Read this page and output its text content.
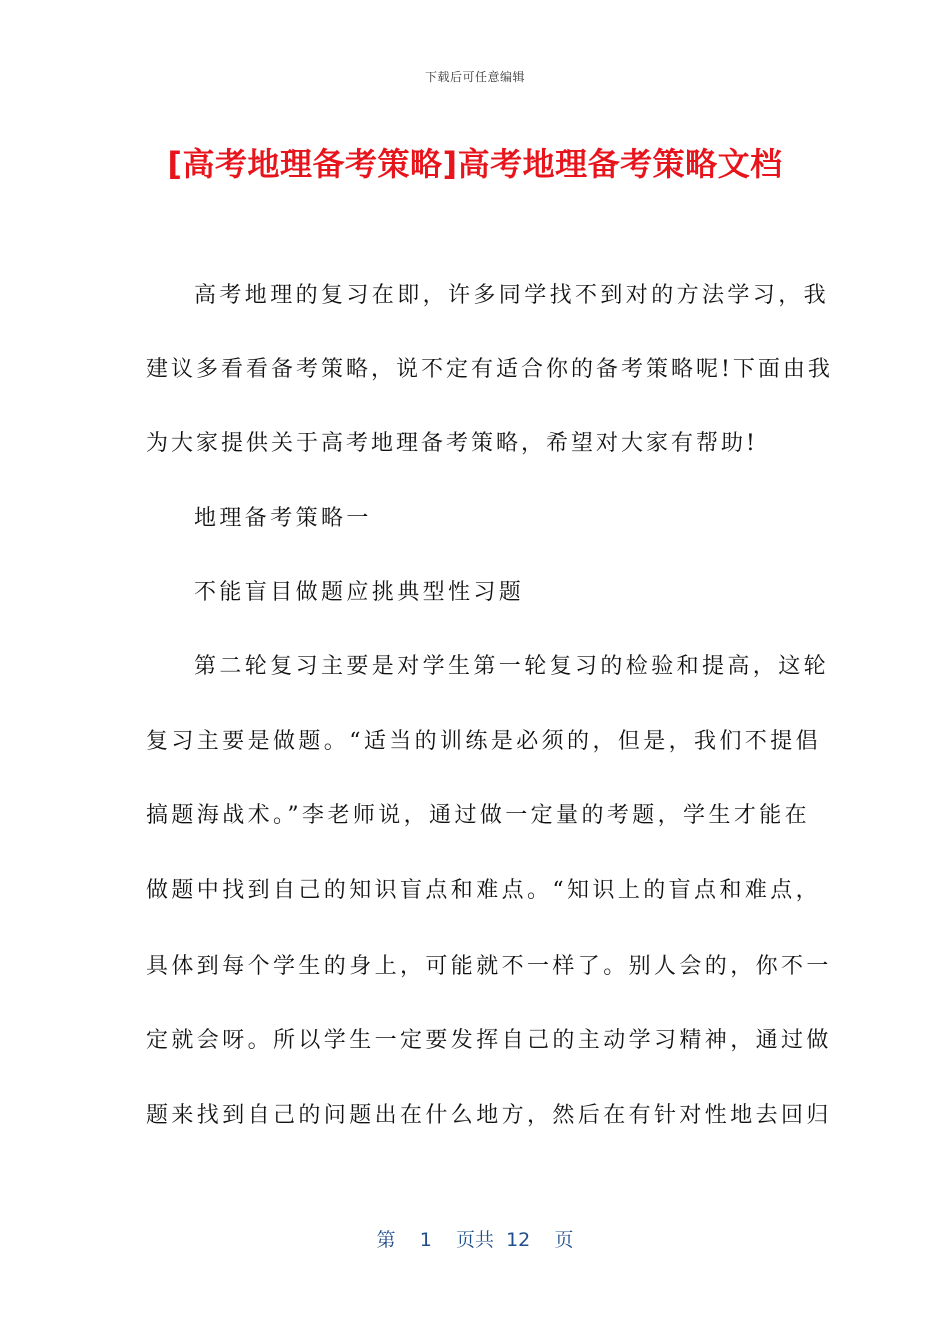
下载后可任意编辑
[高考地理备考策略]高考地理备考策略文档
高考地理的复习在即，许多同学找不到对的方法学习，我
建议多看看备考策略，说不定有适合你的备考策略呢!下面由我
为大家提供关于高考地理备考策略，希望对大家有帮助!
地理备考策略一
不能盲目做题应挑典型性习题
第二轮复习主要是对学生第一轮复习的检验和提高，这轮
复习主要是做题。“适当的训练是必须的，但是，我们不提倡
搞题海战术。”李老师说，通过做一定量的考题，学生才能在
做题中找到自己的知识盲点和难点。“知识上的盲点和难点，
具体到每个学生的身上，可能就不一样了。别人会的，你不一
定就会呀。所以学生一定要发挥自己的主动学习精神，通过做
题来找到自己的问题出在什么地方，然后在有针对性地去回归
第 1 页共 12 页
